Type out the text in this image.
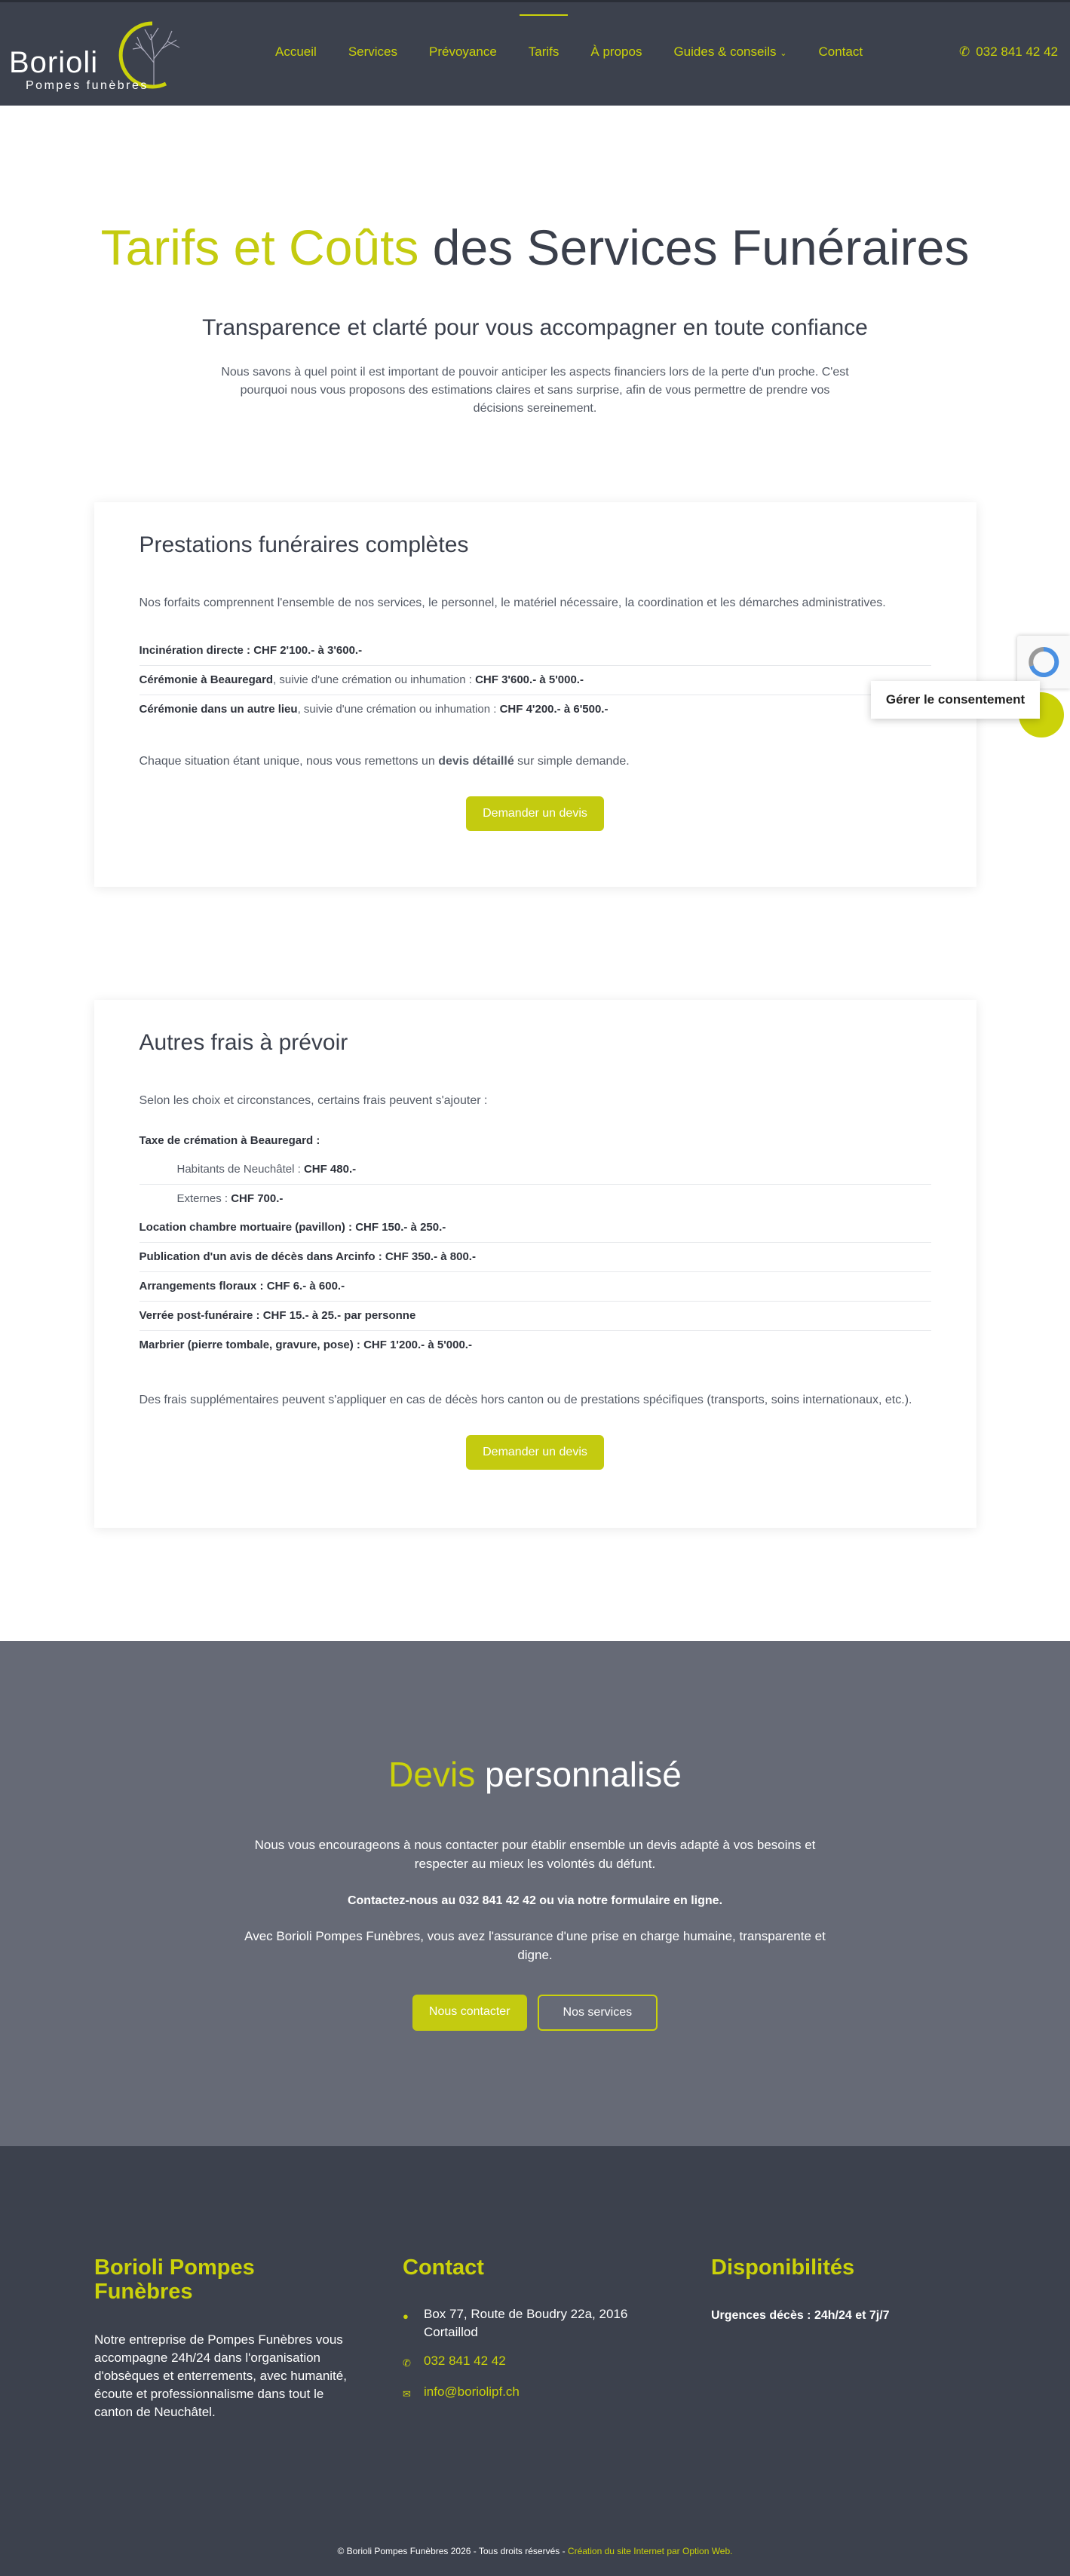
Borioli
Pompes funèbres
Accueil Services Prévoyance Tarifs À propos Guides & conseils ⌄ Contact	✆ 032 841 42 42
Tarifs et Coûts des Services Funéraires
Transparence et clarté pour vous accompagner en toute confiance

Nous savons à quel point il est important de pouvoir anticiper les aspects financiers lors de la perte d'un proche. C'est pourquoi nous vous proposons des estimations claires et sans surprise, afin de vous permettre de prendre vos décisions sereinement.

Prestations funéraires complètes

Nos forfaits comprennent l'ensemble de nos services, le personnel, le matériel nécessaire, la coordination et les démarches administratives.

Incinération directe : CHF 2'100.- à 3'600.-
Cérémonie à Beauregard, suivie d'une crémation ou inhumation : CHF 3'600.- à 5'000.-
Cérémonie dans un autre lieu, suivie d'une crémation ou inhumation : CHF 4'200.- à 6'500.-

Chaque situation étant unique, nous vous remettons un devis détaillé sur simple demande.

Demander un devis
Autres frais à prévoir

Selon les choix et circonstances, certains frais peuvent s'ajouter :

Taxe de crémation à Beauregard :
Habitants de Neuchâtel : CHF 480.-
Externes : CHF 700.-
Location chambre mortuaire (pavillon) : CHF 150.- à 250.-
Publication d'un avis de décès dans Arcinfo : CHF 350.- à 800.-
Arrangements floraux : CHF 6.- à 600.-
Verrée post-funéraire : CHF 15.- à 25.- par personne
Marbrier (pierre tombale, gravure, pose) : CHF 1'200.- à 5'000.-

Des frais supplémentaires peuvent s'appliquer en cas de décès hors canton ou de prestations spécifiques (transports, soins internationaux, etc.).

Demander un devis
Devis personnalisé

Nous vous encourageons à nous contacter pour établir ensemble un devis adapté à vos besoins et respecter au mieux les volontés du défunt.

Contactez-nous au 032 841 42 42 ou via notre formulaire en ligne.

Avec Borioli Pompes Funèbres, vous avez l'assurance d'une prise en charge humaine, transparente et digne.

Nous contacter	Nos services
Borioli Pompes Funèbres

Notre entreprise de Pompes Funèbres vous accompagne 24h/24 dans l'organisation d'obsèques et enterrements, avec humanité, écoute et professionnalisme dans tout le canton de Neuchâtel.

Contact
●	Box 77, Route de Boudry 22a, 2016 Cortaillod
✆ 032 841 42 42
✉ info@boriolipf.ch
Disponibilités

Urgences décès : 24h/24 et 7j/7

© Borioli Pompes Funèbres 2026 - Tous droits réservés - Création du site Internet par Option Web.
Gérer le consentement
